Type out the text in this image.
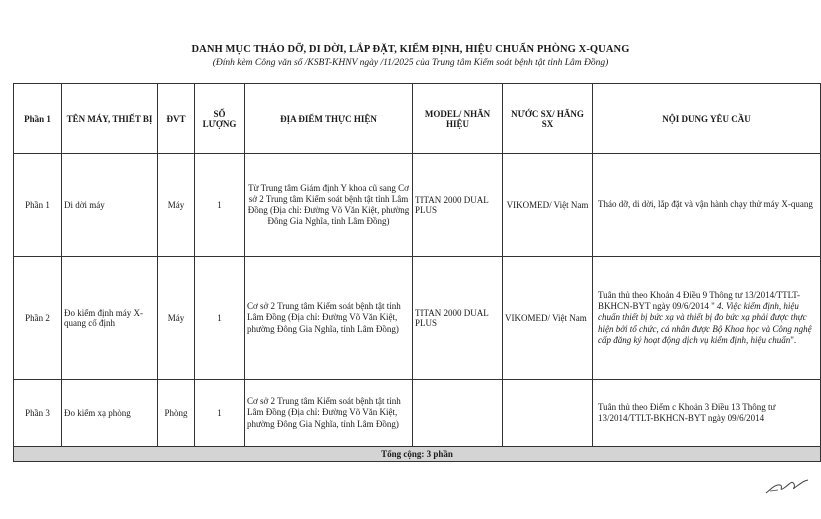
DANH MỤC THÁO DỠ, DI DỜI, LẮP ĐẶT, KIỂM ĐỊNH, HIỆU CHUẨN PHÒNG X-QUANG
(Đính kèm Công văn số /KSBT-KHNV ngày /11/2025 của Trung tâm Kiểm soát bệnh tật tỉnh Lâm Đồng)
Phần 1	TÊN MÁY, THIẾT BỊ	ĐVT	SỐ LƯỢNG	ĐỊA ĐIỂM THỰC HIỆN	MODEL/ NHÃN HIỆU	NƯỚC SX/ HÃNG SX	NỘI DUNG YÊU CẦU
Phần 1	Di dời máy	Máy	1	Từ Trung tâm Giám định Y khoa cũ sang Cơ sở 2 Trung tâm Kiểm soát bệnh tật tỉnh Lâm Đồng (Địa chỉ: Đường Võ Văn Kiệt, phường Đông Gia Nghĩa, tỉnh Lâm Đồng)	TITAN 2000 DUAL PLUS	VIKOMED/ Việt Nam	Tháo dỡ, di dời, lắp đặt và vận hành chạy thử máy X-quang
Phần 2	Đo kiểm định máy X-quang cố định	Máy	1	Cơ sở 2 Trung tâm Kiểm soát bệnh tật tỉnh Lâm Đồng (Địa chỉ: Đường Võ Văn Kiệt, phường Đông Gia Nghĩa, tỉnh Lâm Đồng)	TITAN 2000 DUAL PLUS	VIKOMED/ Việt Nam	Tuân thủ theo Khoản 4 Điều 9 Thông tư 13/2014/TTLT-BKHCN-BYT ngày 09/6/2014 " 4. Việc kiểm định, hiệu chuẩn thiết bị bức xạ và thiết bị đo bức xạ phải được thực hiện bởi tổ chức, cá nhân được Bộ Khoa học và Công nghệ cấp đăng ký hoạt động dịch vụ kiểm định, hiệu chuẩn".
Phần 3	Đo kiểm xạ phòng	Phòng	1	Cơ sở 2 Trung tâm Kiểm soát bệnh tật tỉnh Lâm Đồng (Địa chỉ: Đường Võ Văn Kiệt, phường Đông Gia Nghĩa, tỉnh Lâm Đồng)			Tuân thủ theo Điểm c Khoản 3 Điều 13 Thông tư 13/2014/TTLT-BKHCN-BYT ngày 09/6/2014
Tổng cộng: 3 phần							
